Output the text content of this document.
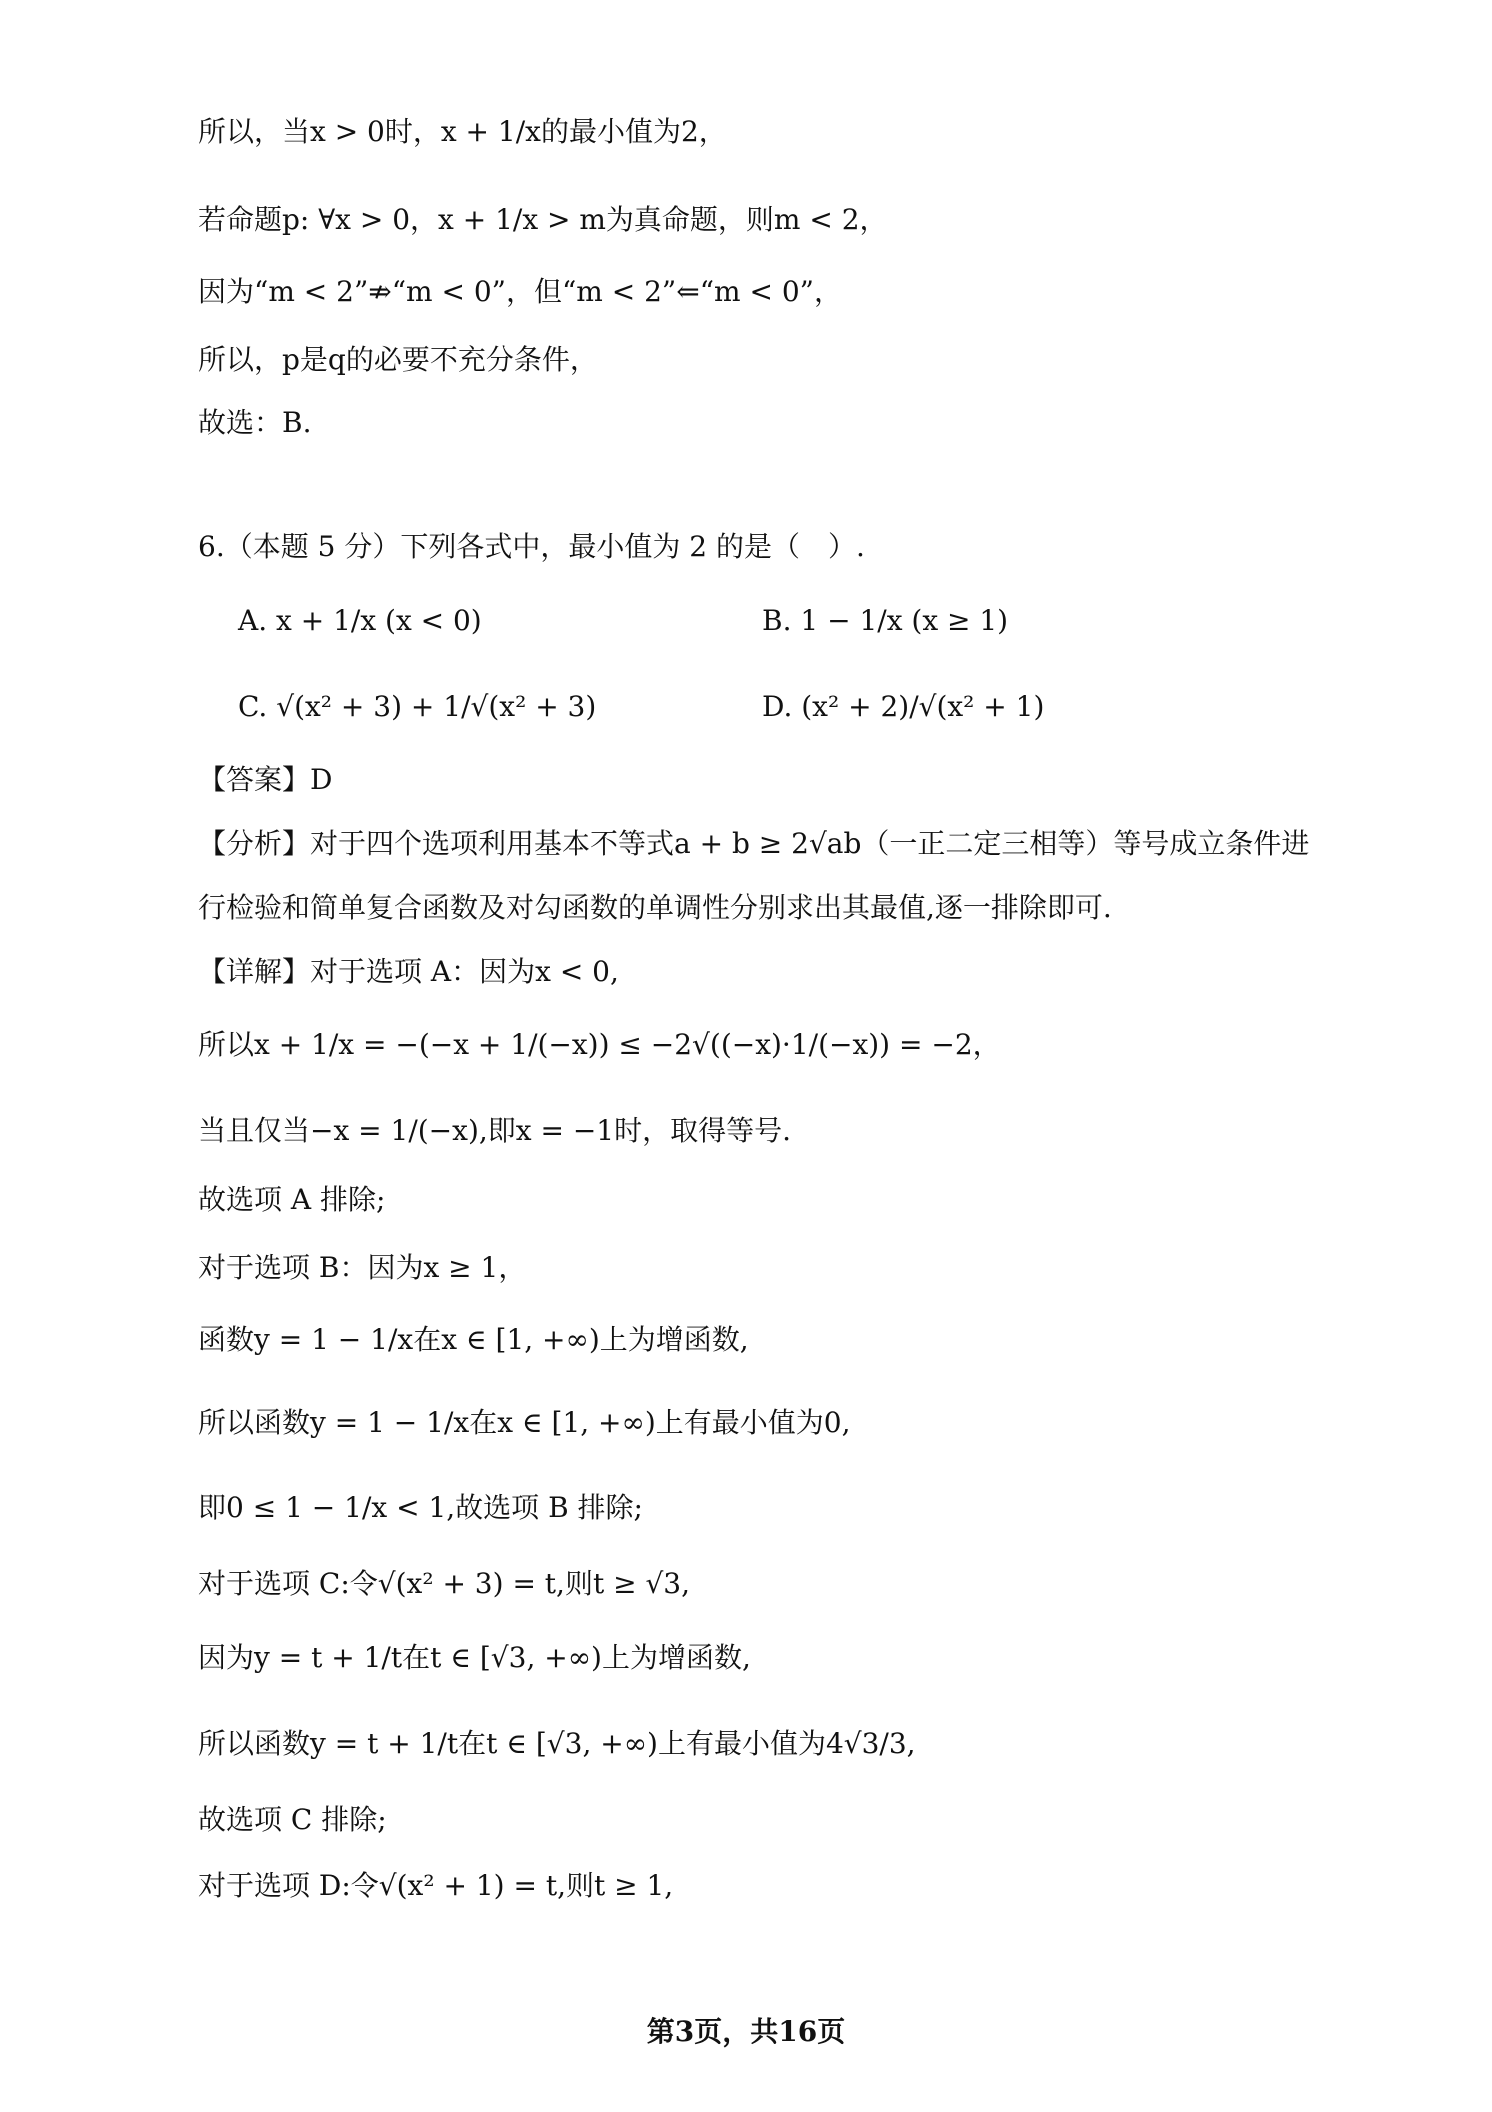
所以，当x > 0时，x + 1/x的最小值为2，
若命题p: ∀x > 0，x + 1/x > m为真命题，则m < 2，
因为“m < 2”⇏“m < 0”，但“m < 2”⇐“m < 0”，
所以，p是q的必要不充分条件，
故选：B.
6.（本题 5 分）下列各式中，最小值为 2 的是（　）.
A. x + 1/x (x < 0)	B. 1 − 1/x (x ≥ 1)
C. √(x² + 3) + 1/√(x² + 3)	D. (x² + 2)/√(x² + 1)
【答案】D
【分析】对于四个选项利用基本不等式a + b ≥ 2√ab（一正二定三相等）等号成立条件进
行检验和简单复合函数及对勾函数的单调性分别求出其最值,逐一排除即可.
【详解】对于选项 A：因为x < 0,
所以x + 1/x = −(−x + 1/(−x)) ≤ −2√((−x)·1/(−x)) = −2，
当且仅当−x = 1/(−x),即x = −1时，取得等号.
故选项 A 排除;
对于选项 B：因为x ≥ 1，
函数y = 1 − 1/x在x ∈ [1, +∞)上为增函数,
所以函数y = 1 − 1/x在x ∈ [1, +∞)上有最小值为0,
即0 ≤ 1 − 1/x < 1,故选项 B 排除;
对于选项 C:令√(x² + 3) = t,则t ≥ √3,
因为y = t + 1/t在t ∈ [√3, +∞)上为增函数,
所以函数y = t + 1/t在t ∈ [√3, +∞)上有最小值为4√3/3,
故选项 C 排除;
对于选项 D:令√(x² + 1) = t,则t ≥ 1,
第3页，共16页
